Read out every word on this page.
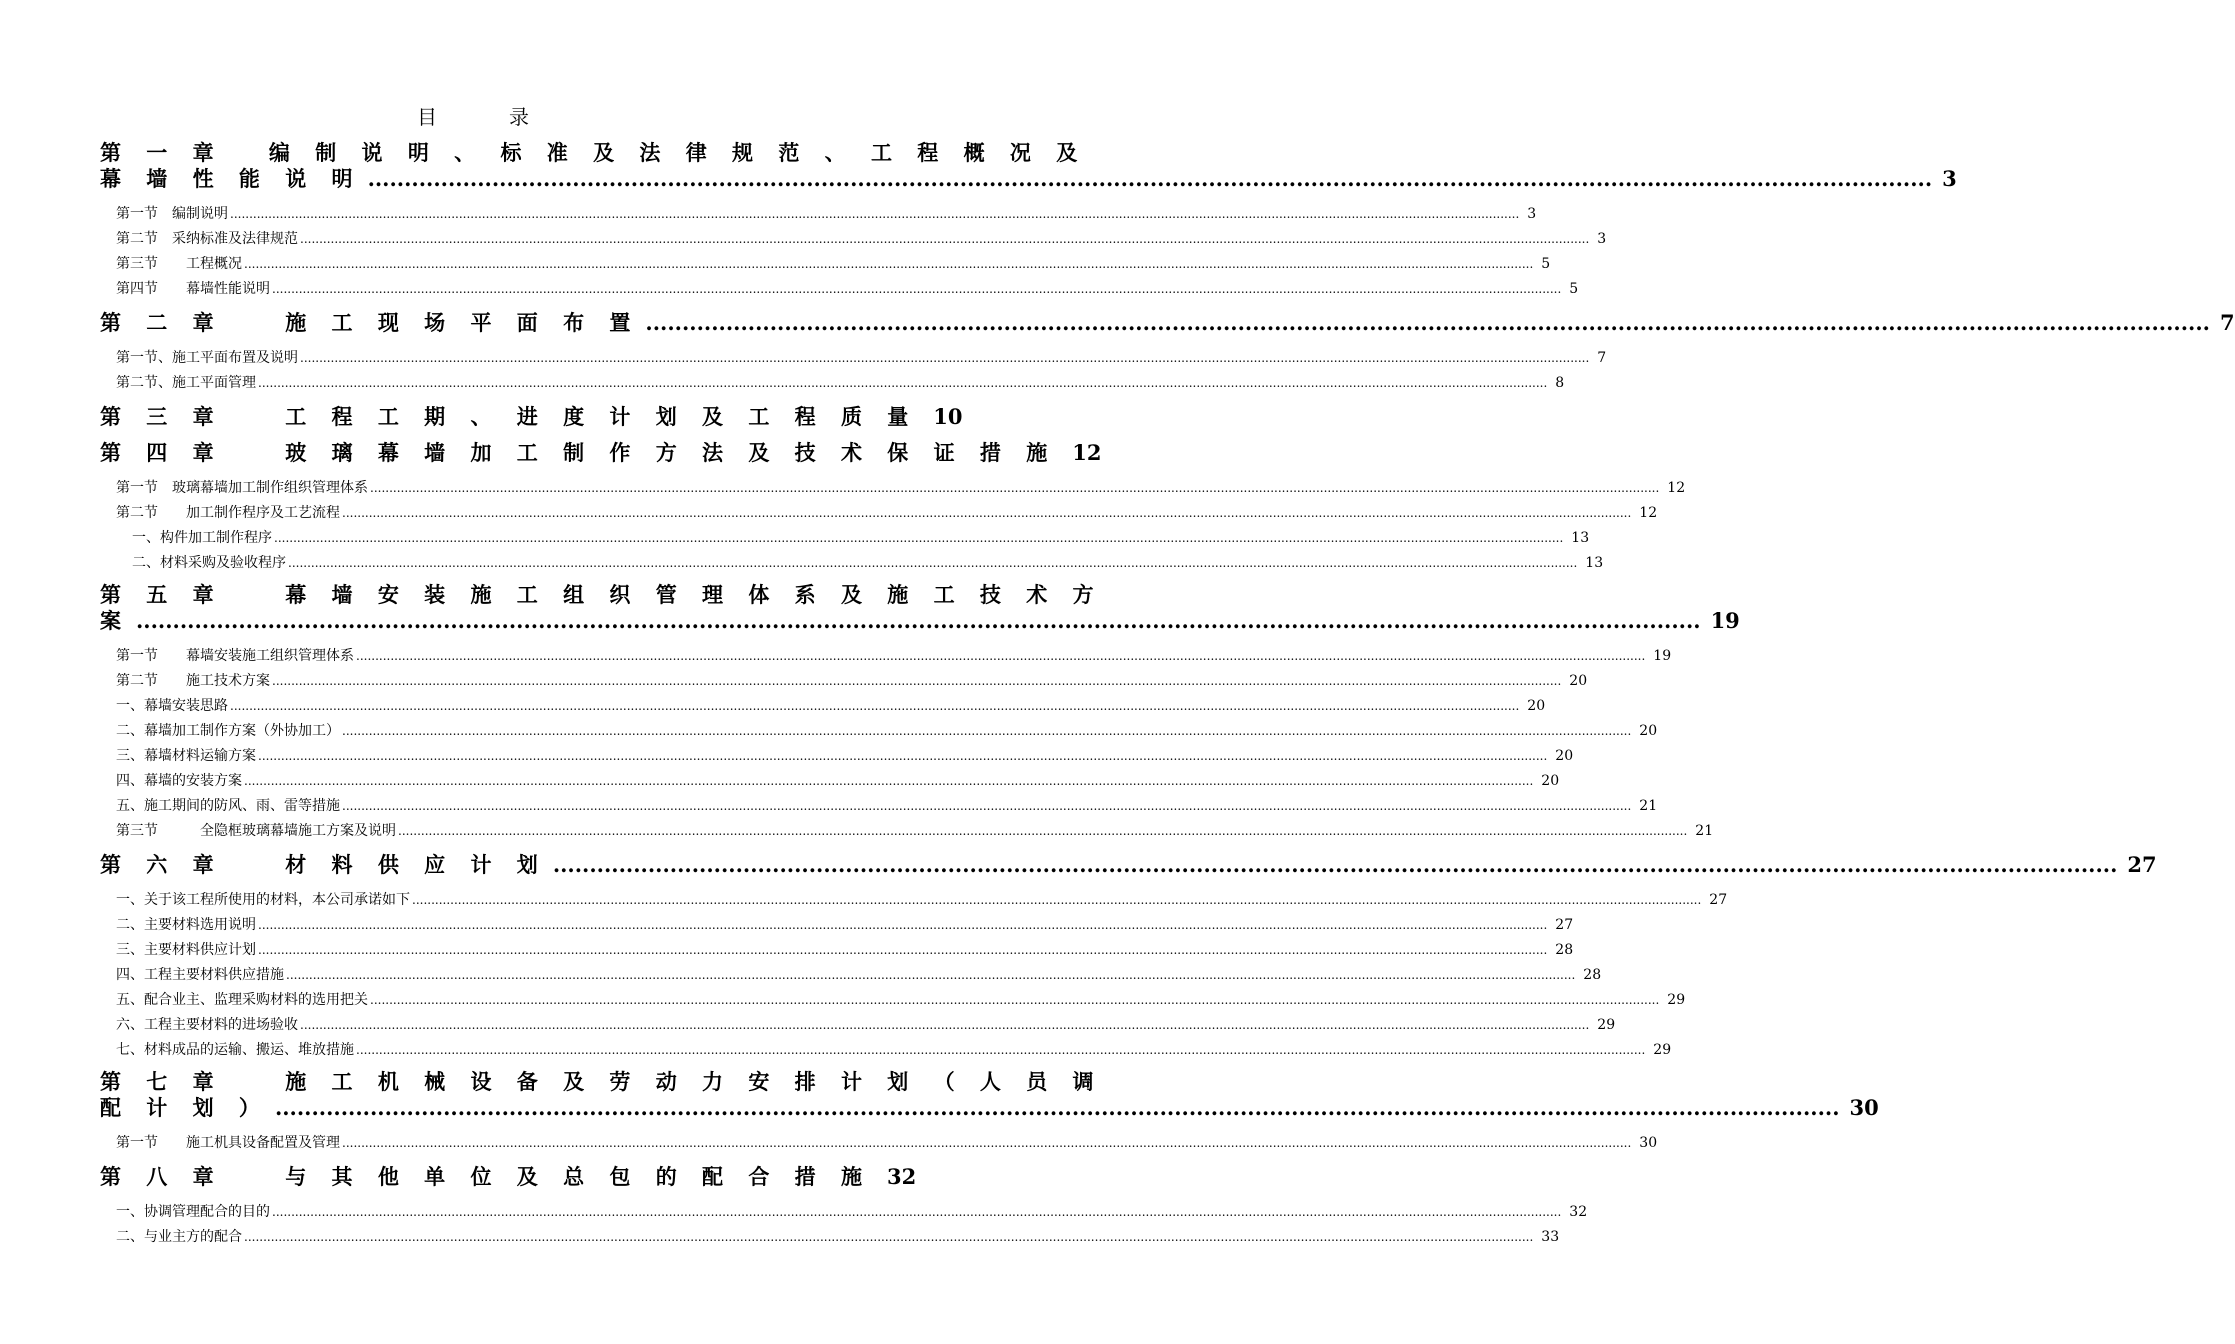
目	录
第 一 章 　编 制 说 明 、 标 准 及 法 律 规 范 、 工 程 概 况 及
幕 墙 性 能 说 明 .....	3
第一节　编制说明 .....	3
第二节　采纳标准及法律规范 .....	3
第三节　　工程概况 .....	5
第四节　　幕墙性能说明 .....	5
第 二 章 　 施 工 现 场 平 面 布 置 .....	7
第一节、施工平面布置及说明 .....	7
第二节、施工平面管理 .....	8
第 三 章 　 工 程 工 期 、 进 度 计 划 及 工 程 质 量 10
第 四 章 　 玻 璃 幕 墙 加 工 制 作 方 法 及 技 术 保 证 措 施 12
第一节　玻璃幕墙加工制作组织管理体系 .....	12
第二节　　加工制作程序及工艺流程 .....	12
一、构件加工制作程序 .....	13
二、材料采购及验收程序 .....	13
第 五 章 　 幕 墙 安 装 施 工 组 织 管 理 体 系 及 施 工 技 术 方
案 .....	19
第一节　　幕墙安装施工组织管理体系 .....	19
第二节　　施工技术方案 .....	20
一、幕墙安装思路 .....	20
二、幕墙加工制作方案（外协加工） .....	20
三、幕墙材料运输方案 .....	20
四、幕墙的安装方案 .....	20
五、施工期间的防风、雨、雷等措施 .....	21
第三节　　　全隐框玻璃幕墙施工方案及说明 .....	21
第 六 章 　 材 料 供 应 计 划 .....	27
一、关于该工程所使用的材料，本公司承诺如下 .....	27
二、主要材料选用说明 .....	27
三、主要材料供应计划 .....	28
四、工程主要材料供应措施 .....	28
五、配合业主、监理采购材料的选用把关 .....	29
六、工程主要材料的进场验收 .....	29
七、材料成品的运输、搬运、堆放措施 .....	29
第 七 章 　 施 工 机 械 设 备 及 劳 动 力 安 排 计 划 （ 人 员 调
配 计 划 ） .....	30
第一节　　施工机具设备配置及管理 .....	30
第 八 章 　 与 其 他 单 位 及 总 包 的 配 合 措 施 32
一、协调管理配合的目的 .....	32
二、与业主方的配合 .....	33
